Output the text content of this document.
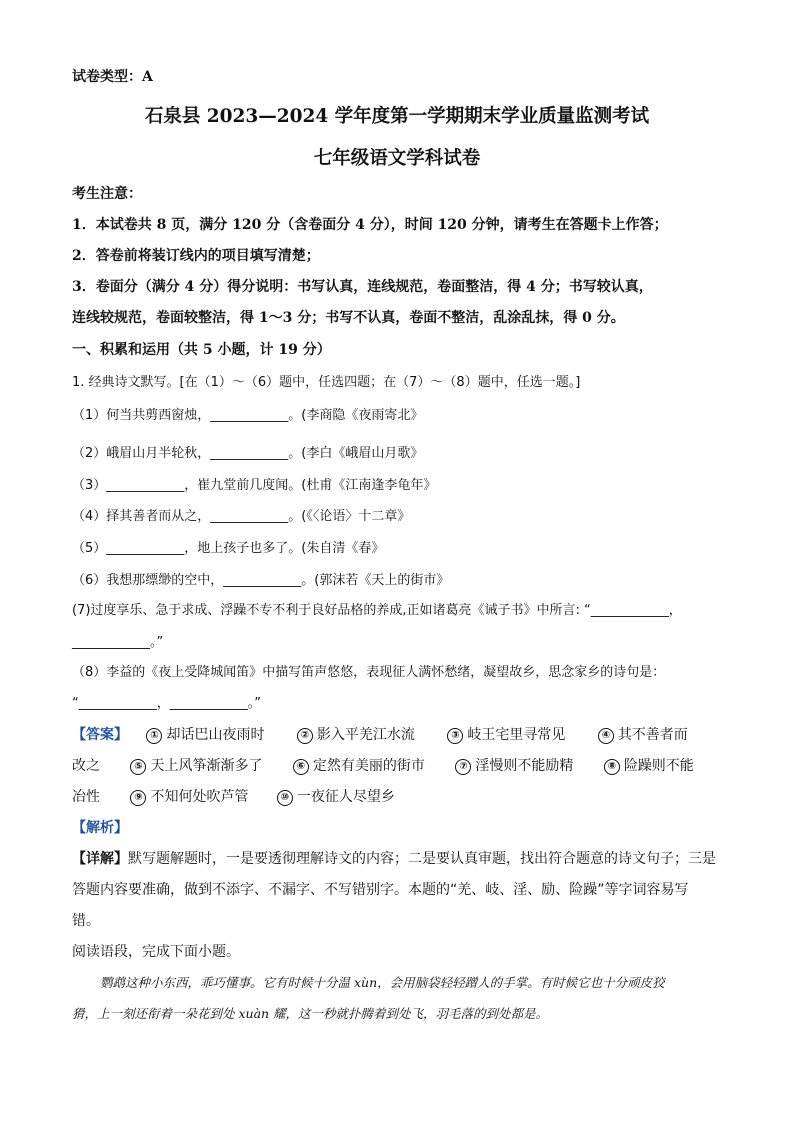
试卷类型：A
石泉县 2023—2024 学年度第一学期期末学业质量监测考试
七年级语文学科试卷
考生注意：
1．本试卷共 8 页，满分 120 分（含卷面分 4 分），时间 120 分钟，请考生在答题卡上作答；
2．答卷前将装订线内的项目填写清楚；
3．卷面分（满分 4 分）得分说明：书写认真，连线规范，卷面整洁，得 4 分；书写较认真，
连线较规范，卷面较整洁，得 1～3 分；书写不认真，卷面不整洁，乱涂乱抹，得 0 分。
一、积累和运用（共 5 小题，计 19 分）
1. 经典诗文默写。[在（1）～（6）题中，任选四题；在（7）～（8）题中，任选一题。]
（1）何当共剪西窗烛，____________。(李商隐《夜雨寄北》
（2）峨眉山月半轮秋，____________。(李白《峨眉山月歌》
（3）____________，崔九堂前几度闻。(杜甫《江南逢李龟年》
（4）择其善者而从之，____________。(《〈论语〉十二章》
（5）____________，地上孩子也多了。(朱自清《春》
（6）我想那缥缈的空中，____________。(郭沫若《天上的街市》
(7)过度享乐、急于求成、浮躁不专不利于良好品格的养成,正如诸葛亮《诫子书》中所言: “____________，
____________。”
（8）李益的《夜上受降城闻笛》中描写笛声悠悠，表现征人满怀愁绪，凝望故乡，思念家乡的诗句是：
“____________，____________。”
【答案】 ① 却话巴山夜雨时	② 影入平羌江水流	③ 岐王宅里寻常见	④ 其不善者而
改之	⑤ 天上风筝渐渐多了	⑥ 定然有美丽的街市	⑦ 淫慢则不能励精	⑧ 险躁则不能
冶性	⑨ 不知何处吹芦管	⑩ 一夜征人尽望乡
【解析】
【详解】默写题解题时，一是要透彻理解诗文的内容；二是要认真审题，找出符合题意的诗文句子；三是
答题内容要准确，做到不添字、不漏字、不写错别字。本题的“羌、岐、淫、励、险躁”等字词容易写
错。
阅读语段，完成下面小题。
鹦鹉这种小东西，乖巧懂事。它有时候十分温 xùn，会用脑袋轻轻蹭人的手掌。有时候它也十分顽皮狡
猾，上一刻还衔着一朵花到处 xuàn 耀，这一秒就扑腾着到处飞，羽毛落的到处都是。
